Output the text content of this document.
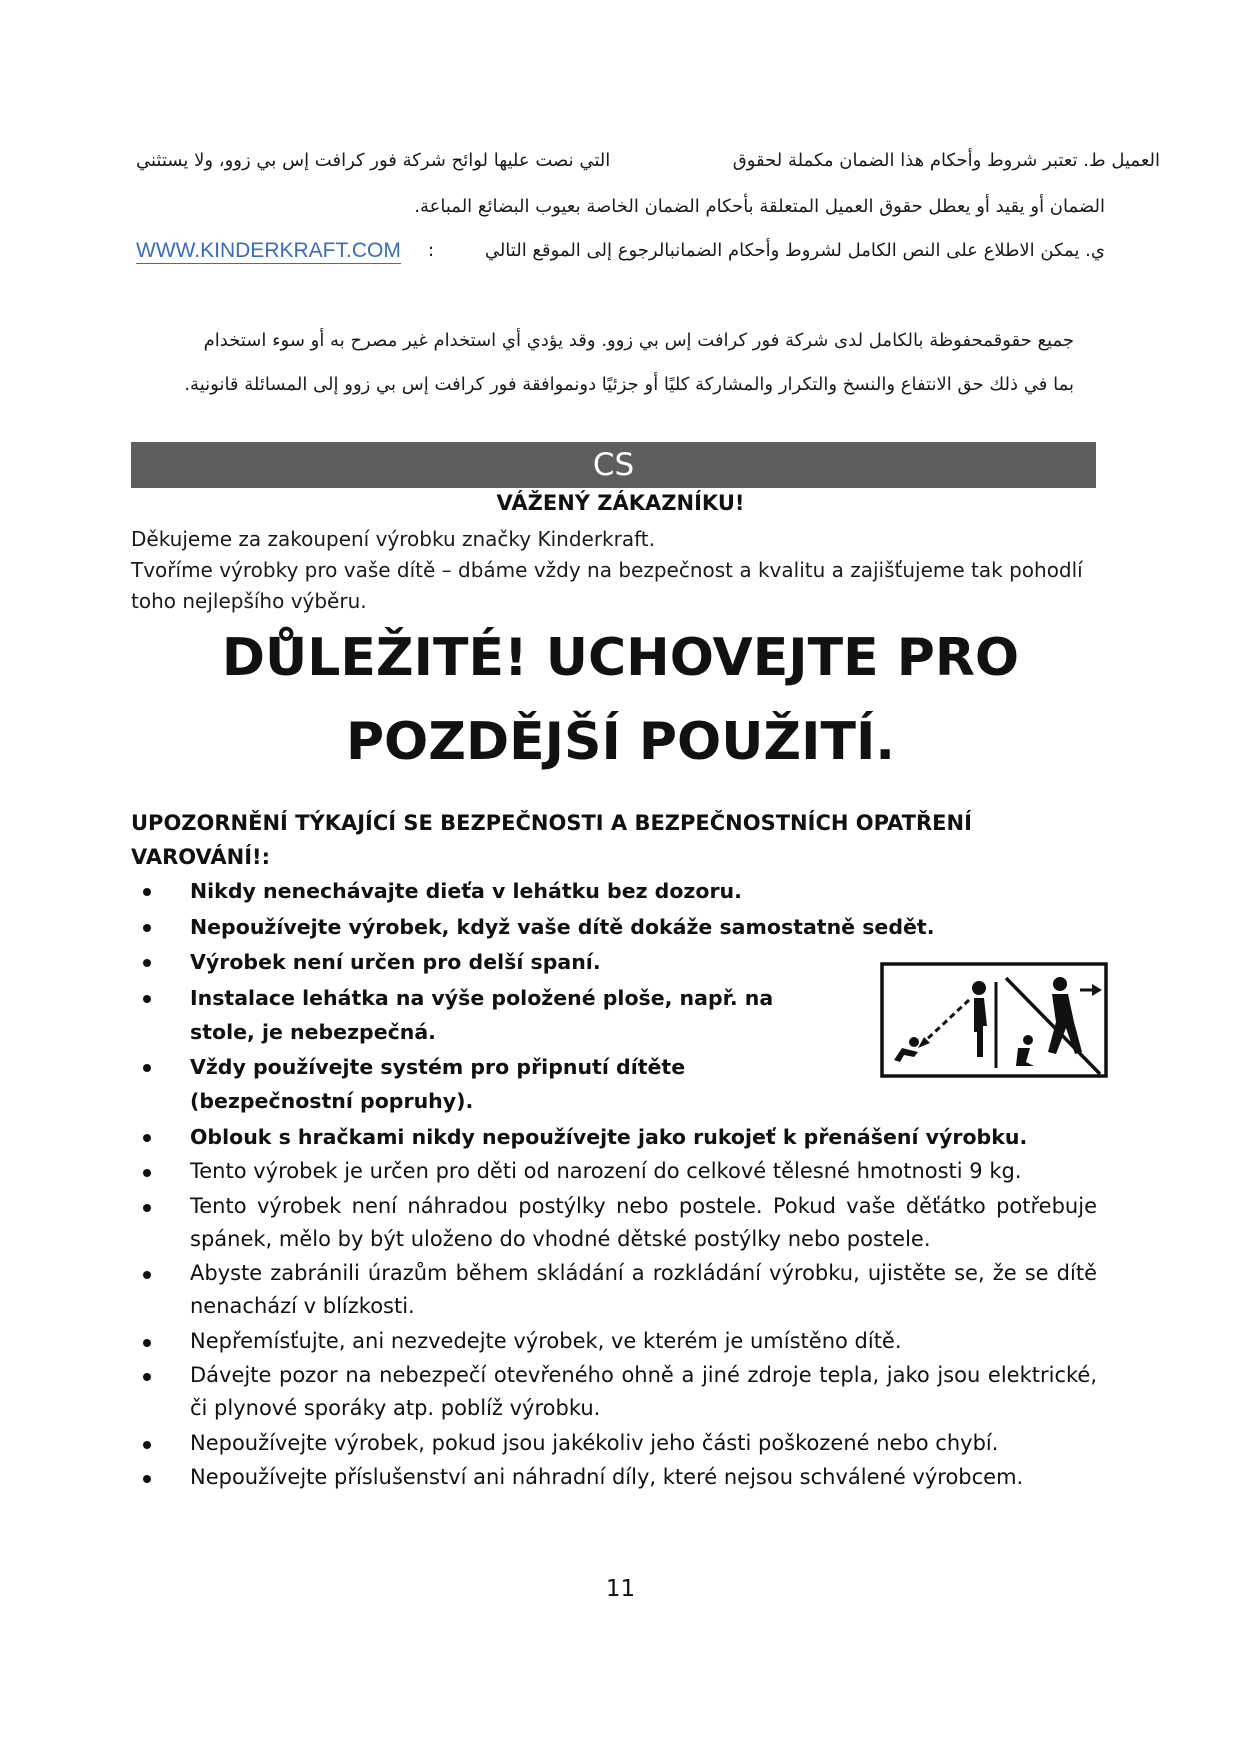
العميل ط. تعتبر شروط وأحكام هذا الضمان مكملة لحقوق
التي نصت عليها لوائح شركة فور كرافت إس بي زوو، ولا يستثني
الضمان أو يقيد أو يعطل حقوق العميل المتعلقة بأحكام الضمان الخاصة بعيوب البضائع المباعة.
ي. يمكن الاطلاع على النص الكامل لشروط وأحكام الضمانبالرجوع إلى الموقع التالي
:
WWW.KINDERKRAFT.COM
جميع حقوقمحفوظة بالكامل لدى شركة فور كرافت إس بي زوو. وقد يؤدي أي استخدام غير مصرح به أو سوء استخدام
بما في ذلك حق الانتفاع والنسخ والتكرار والمشاركة كليًا أو جزئيًا دونموافقة فور كرافت إس بي زوو إلى المسائلة قانونية.
CS
VÁŽENÝ ZÁKAZNÍKU!
Děkujeme za zakoupení výrobku značky Kinderkraft.
Tvoříme výrobky pro vaše dítě – dbáme vždy na bezpečnost a kvalitu a zajišťujeme tak pohodlí
toho nejlepšího výběru.
DŮLEŽITÉ! UCHOVEJTE PRO
POZDĚJŠÍ POUŽITÍ.
UPOZORNĚNÍ TÝKAJÍCÍ SE BEZPEČNOSTI A BEZPEČNOSTNÍCH OPATŘENÍ
VAROVÁNÍ!:
Nikdy nenechávajte dieťa v lehátku bez dozoru.
Nepoužívejte výrobek, když vaše dítě dokáže samostatně sedět.
Výrobek není určen pro delší spaní.
Instalace lehátka na výše položené ploše, např. na stole, je nebezpečná.
Vždy používejte systém pro připnutí dítěte (bezpečnostní popruhy).
Oblouk s hračkami nikdy nepoužívejte jako rukojeť k přenášení výrobku.
Tento výrobek je určen pro děti od narození do celkové tělesné hmotnosti 9 kg.
Tento výrobek není náhradou postýlky nebo postele. Pokud vaše děťátko potřebuje spánek, mělo by být uloženo do vhodné dětské postýlky nebo postele.
Abyste zabránili úrazům během skládání a rozkládání výrobku, ujistěte se, že se dítě nenachází v blízkosti.
Nepřemísťujte, ani nezvedejte výrobek, ve kterém je umístěno dítě.
Dávejte pozor na nebezpečí otevřeného ohně a jiné zdroje tepla, jako jsou elektrické, či plynové sporáky atp. poblíž výrobku.
Nepoužívejte výrobek, pokud jsou jakékoliv jeho části poškozené nebo chybí.
Nepoužívejte příslušenství ani náhradní díly, které nejsou schválené výrobcem.
11
